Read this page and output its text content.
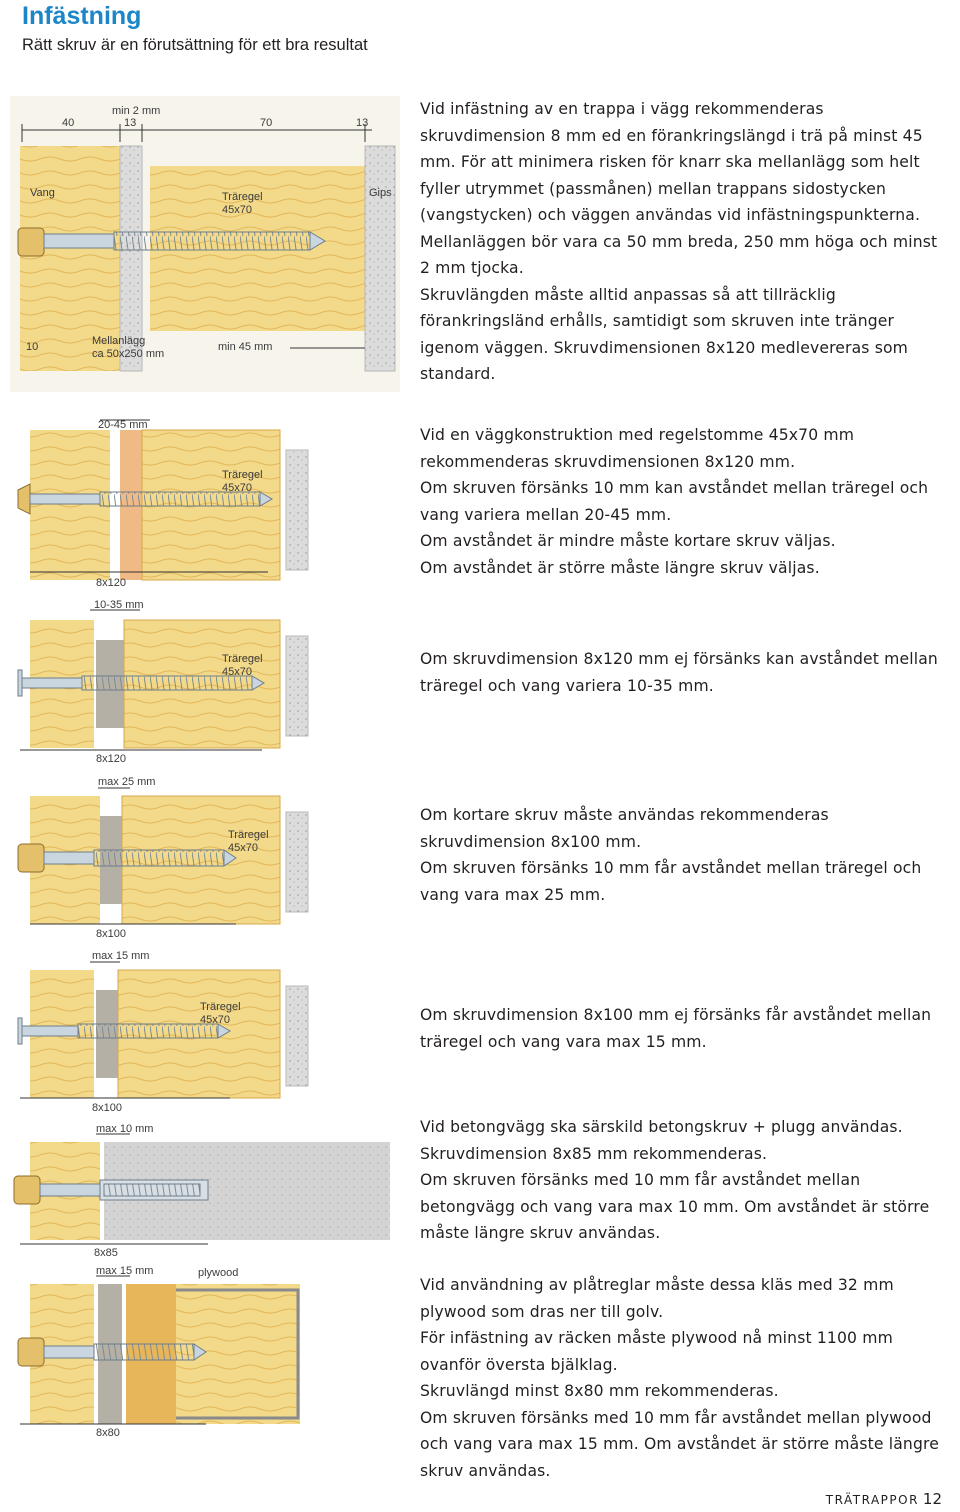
Infästning

Rätt skruv är en förutsättning för ett bra resultat

40
min 2 mm
13	70	13
Vang	Träregel
45x70
Gips
10	Mellanlägg
ca 50x250 mm
min 45 mm

Vid infästning av en trappa i vägg rekommenderas skruvdimension 8 mm ed en förankringslängd i trä på minst 45 mm. För att minimera risken för knarr ska mellanlägg som helt fyller utrymmet (passmånen) mellan trappans sidostycken (vangstycken) och väggen användas vid infästningspunkterna. Mellanläggen bör vara ca 50 mm breda, 250 mm höga och minst 2 mm tjocka.

Skruvlängden måste alltid anpassas så att tillräcklig förankringsländ erhålls, samtidigt som skruven inte tränger igenom väggen. Skruvdimensionen 8x120 medlevereras som standard.

20-45 mm
Träregel
45x70
8x120

Vid en väggkonstruktion med regelstomme 45x70 mm rekommenderas skruvdimensionen 8x120 mm.

Om skruven försänks 10 mm kan avståndet mellan träregel och vang variera mellan 20-45 mm.

Om avståndet är mindre måste kortare skruv väljas.

Om avståndet är större måste längre skruv väljas.

10-35 mm
Träregel
45x70
8x120

Om skruvdimension 8x120 mm ej försänks kan avståndet mellan träregel och vang variera 10-35 mm.

max 25 mm
Träregel
45x70
8x100

Om kortare skruv måste användas rekommenderas skruvdimension 8x100 mm.

Om skruven försänks 10 mm får avståndet mellan träregel och vang vara max 25 mm.

max 15 mm
Träregel
45x70
8x100

Om skruvdimension 8x100 mm ej försänks får avståndet mellan träregel och vang vara max 15 mm.

max 10 mm
8x85

Vid betongvägg ska särskild betongskruv + plugg användas.

Skruvdimension 8x85 mm rekommenderas.

Om skruven försänks med 10 mm får avståndet mellan betongvägg och vang vara max 10 mm. Om avståndet är större måste längre skruv användas.

max 15 mm	plywood
8x80

Vid användning av plåtreglar måste dessa kläs med 32 mm plywood som dras ner till golv.

För infästning av räcken måste plywood nå minst 1100 mm ovanför översta bjälklag.

Skruvlängd minst 8x80 mm rekommenderas.

Om skruven försänks med 10 mm får avståndet mellan plywood och vang vara max 15 mm. Om avståndet är större måste längre skruv användas.

TRÄTRAPPOR 12
